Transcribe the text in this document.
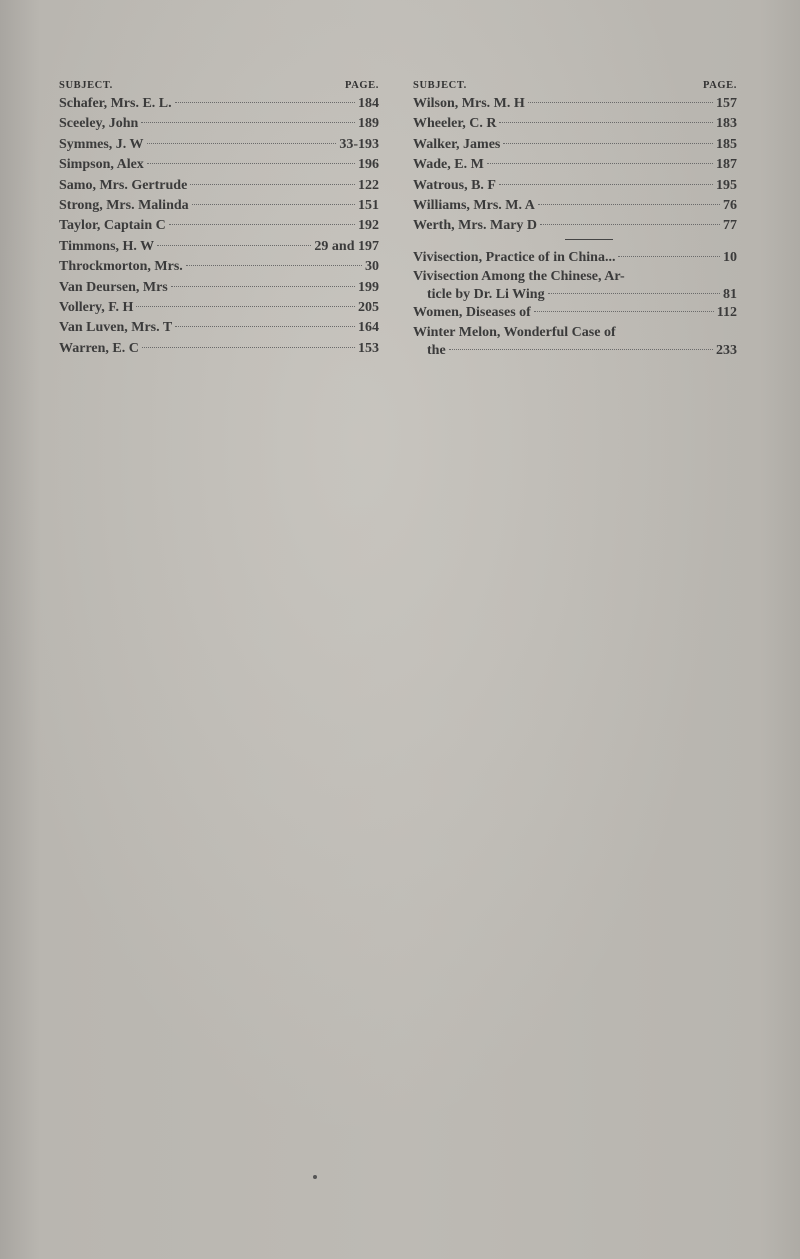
SUBJECT.	PAGE.
Schafer, Mrs. E. L.	184
Sceeley, John	189
Symmes, J. W	33-193
Simpson, Alex	196
Samo, Mrs. Gertrude	122
Strong, Mrs. Malinda	151
Taylor, Captain C	192
Timmons, H. W	29 and 197
Throckmorton, Mrs.	30
Van Deursen, Mrs	199
Vollery, F. H	205
Van Luven, Mrs. T	164
Warren, E. C	153
SUBJECT.	PAGE.
Wilson, Mrs. M. H	157
Wheeler, C. R	183
Walker, James	185
Wade, E. M	187
Watrous, B. F	195
Williams, Mrs. M. A	76
Werth, Mrs. Mary D	77
Vivisection, Practice of in China...	10
Vivisection Among the Chinese, Ar-
ticle by Dr. Li Wing	81
Women, Diseases of	112
Winter Melon, Wonderful Case of
the	233
